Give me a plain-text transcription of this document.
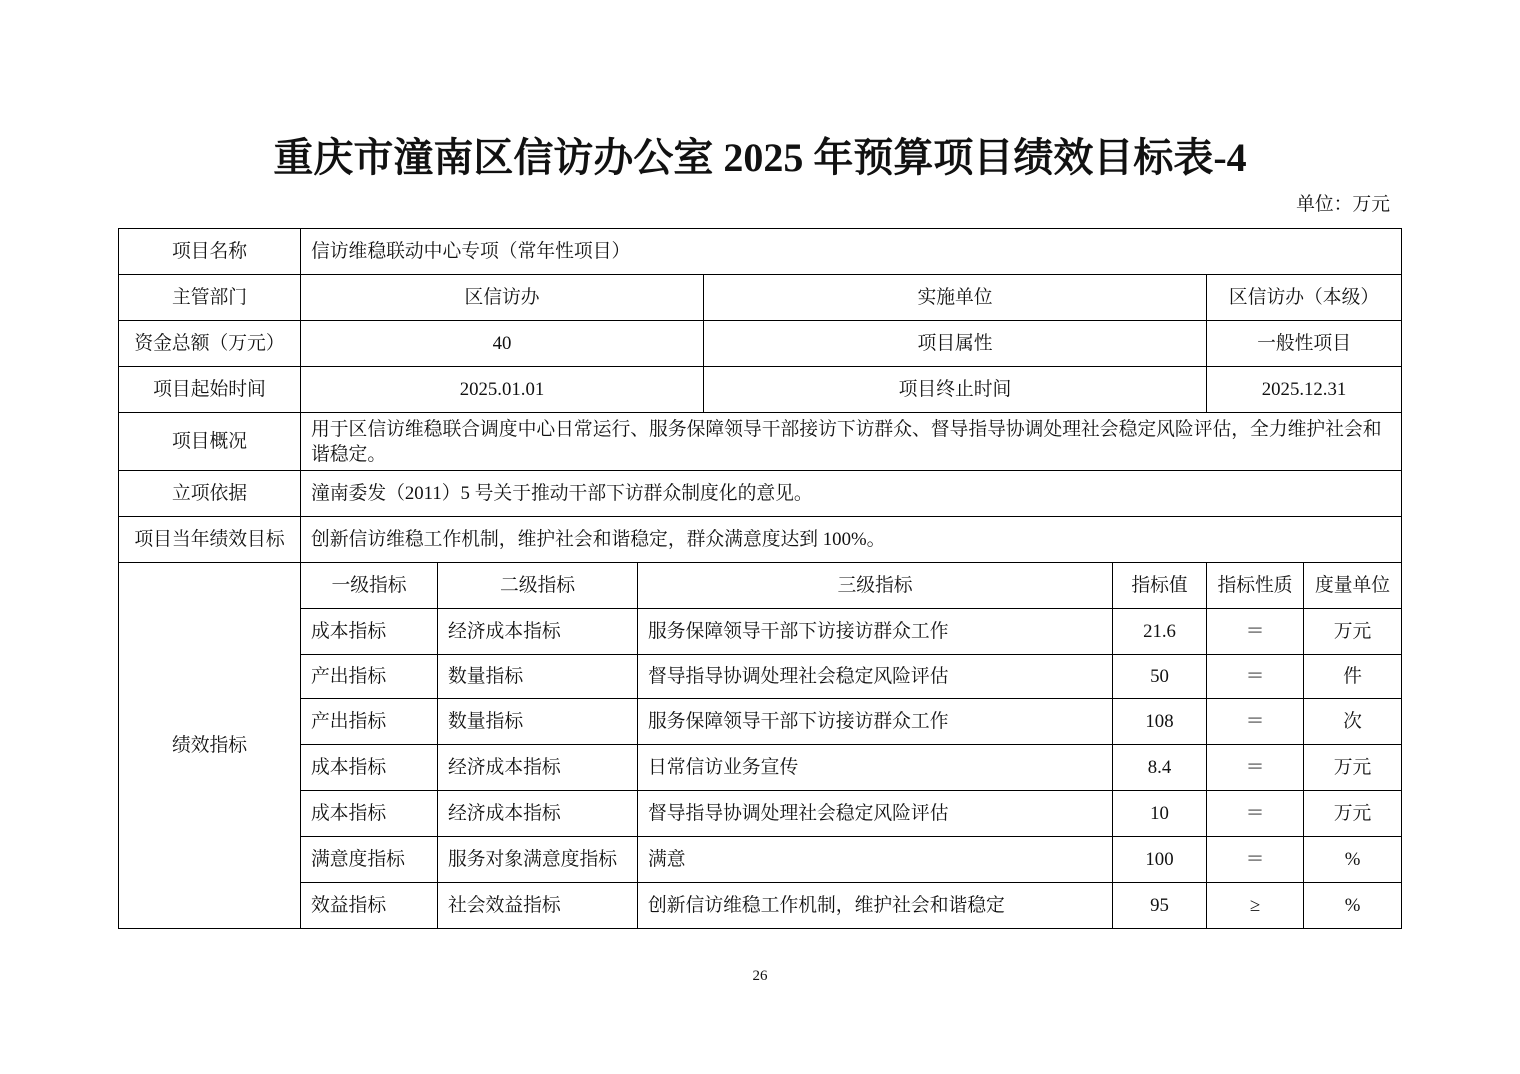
重庆市潼南区信访办公室 2025 年预算项目绩效目标表-4
单位：万元
项目名称	信访维稳联动中心专项（常年性项目）						
主管部门	区信访办			实施单位		区信访办（本级）	
资金总额（万元）	40			项目属性		一般性项目	
项目起始时间	2025.01.01			项目终止时间		2025.12.31	
项目概况	用于区信访维稳联合调度中心日常运行、服务保障领导干部接访下访群众、督导指导协调处理社会稳定风险评估，全力维护社会和谐稳定。						
立项依据	潼南委发（2011）5 号关于推动干部下访群众制度化的意见。						
项目当年绩效目标	创新信访维稳工作机制，维护社会和谐稳定，群众满意度达到 100%。						
绩效指标	一级指标	二级指标	三级指标		指标值	指标性质	度量单位
	成本指标	经济成本指标	服务保障领导干部下访接访群众工作		21.6	＝	万元
	产出指标	数量指标	督导指导协调处理社会稳定风险评估		50	＝	件
	产出指标	数量指标	服务保障领导干部下访接访群众工作		108	＝	次
	成本指标	经济成本指标	日常信访业务宣传		8.4	＝	万元
	成本指标	经济成本指标	督导指导协调处理社会稳定风险评估		10	＝	万元
	满意度指标	服务对象满意度指标	满意		100	＝	%
	效益指标	社会效益指标	创新信访维稳工作机制，维护社会和谐稳定		95	≥	%
26
